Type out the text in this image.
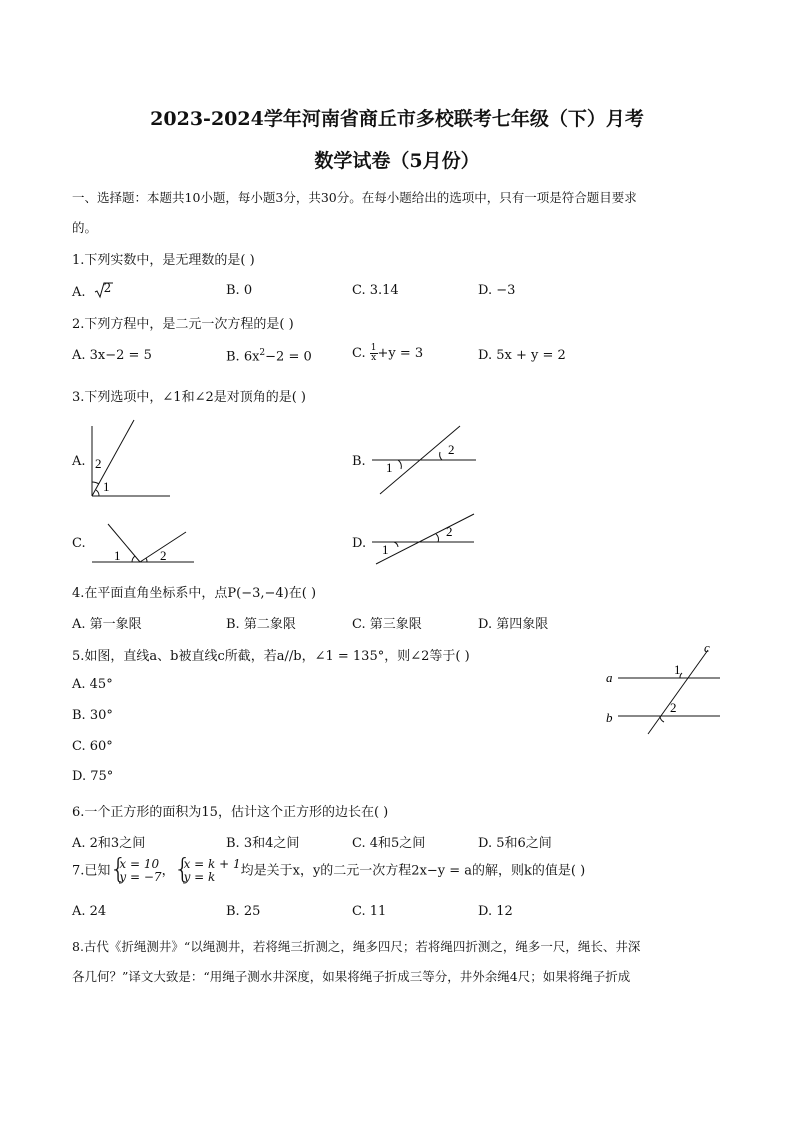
2023-2024学年河南省商丘市多校联考七年级（下）月考
数学试卷（5月份）
一、选择题：本题共10小题，每小题3分，共30分。在每小题给出的选项中，只有一项是符合题目要求
的。
1.下列实数中，是无理数的是( )
A. 2	B. 0	C. 3.14	D. −3
2.下列方程中，是二元一次方程的是( )
A. 3x−2 = 5	B. $6x^2-2 = 0$	C. $\frac{1}{x} +y = 3$	D. 5x + y = 2
3.下列选项中，∠1和∠2是对顶角的是( )
A. 2
1
B. 1
2
C.
1	2
D. 1
2
4.在平面直角坐标系中，点P(−3,−4)在( )
A. 第一象限	B. 第二象限	C. 第三象限	D. 第四象限
5.如图，直线a、b被直线c所截，若a//b，∠1 = 135°，则∠2等于( )
A. 45°
B. 30°
C. 60°
D. 75°
a
b
c
1
2
6.一个正方形的面积为15，估计这个正方形的边长在( )
A. 2和3之间	B. 3和4之间	C. 4和5之间	D. 5和6之间
7.已知 { x = 10
y = −7 ， { x = k + 1
y = k	均是关于x，y的二元一次方程2x−y = a的解，则k的值是( )
A. 24	B. 25	C. 11	D. 12
8.古代《折绳测井》“以绳测井，若将绳三折测之，绳多四尺；若将绳四折测之，绳多一尺，绳长、井深
各几何？”译文大致是：“用绳子测水井深度，如果将绳子折成三等分，井外余绳4尺；如果将绳子折成
